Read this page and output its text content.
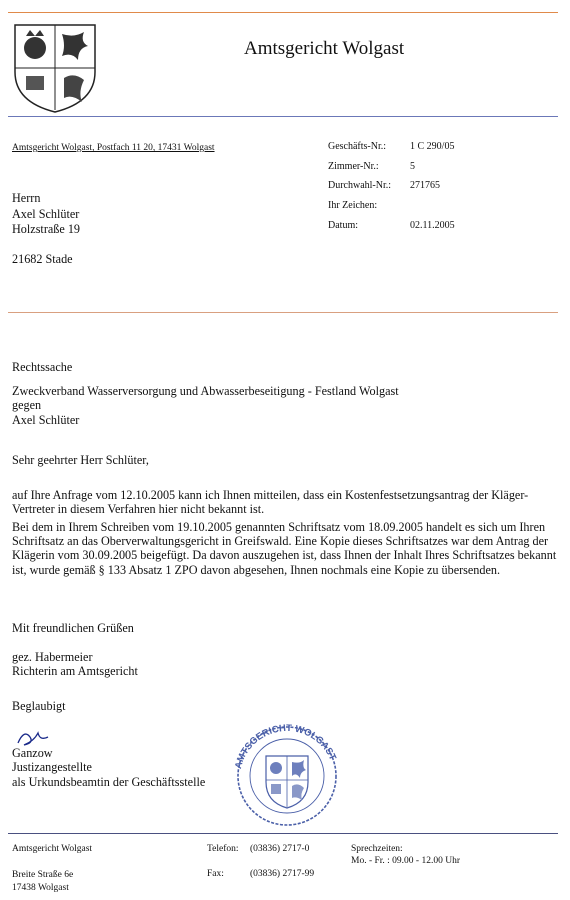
Amtsgericht Wolgast
Amtsgericht Wolgast, Postfach 11 20, 17431 Wolgast	Geschäfts-Nr.:	1 C 290/05
Zimmer-Nr.:	5
Durchwahl-Nr.:	271765
Ihr Zeichen:
Datum:	02.11.2005
Herrn
Axel Schlüter
Holzstraße 19
21682 Stade
Rechtssache
Zweckverband Wasserversorgung und Abwasserbeseitigung - Festland Wolgast
gegen
Axel Schlüter
Sehr geehrter Herr Schlüter,
auf Ihre Anfrage vom 12.10.2005 kann ich Ihnen mitteilen, dass ein Kostenfestsetzungsantrag der Kläger-Vertreter in diesem Verfahren hier nicht bekannt ist.
Bei dem in Ihrem Schreiben vom 19.10.2005 genannten Schriftsatz vom 18.09.2005 handelt es sich um Ihren Schriftsatz an das Oberverwaltungsgericht in Greifswald. Eine Kopie dieses Schriftsatzes war dem Antrag der Klägerin vom 30.09.2005 beigefügt. Da davon auszugehen ist, dass Ihnen der Inhalt Ihres Schriftsatzes bekannt ist, wurde gemäß § 133 Absatz 1 ZPO davon abgesehen, Ihnen nochmals eine Kopie zu übersenden.
Mit freundlichen Grüßen
gez. Habermeier
Richterin am Amtsgericht
Beglaubigt
Ganzow
Justizangestellte
als Urkundsbeamtin der Geschäftsstelle
AMTSGERICHT WOLGAST
Amtsgericht Wolgast
Breite Straße 6e
17438 Wolgast
Telefon: (03836) 2717-0
Fax:	(03836) 2717-99
Sprechzeiten:
Mo. - Fr. : 09.00 - 12.00 Uhr
